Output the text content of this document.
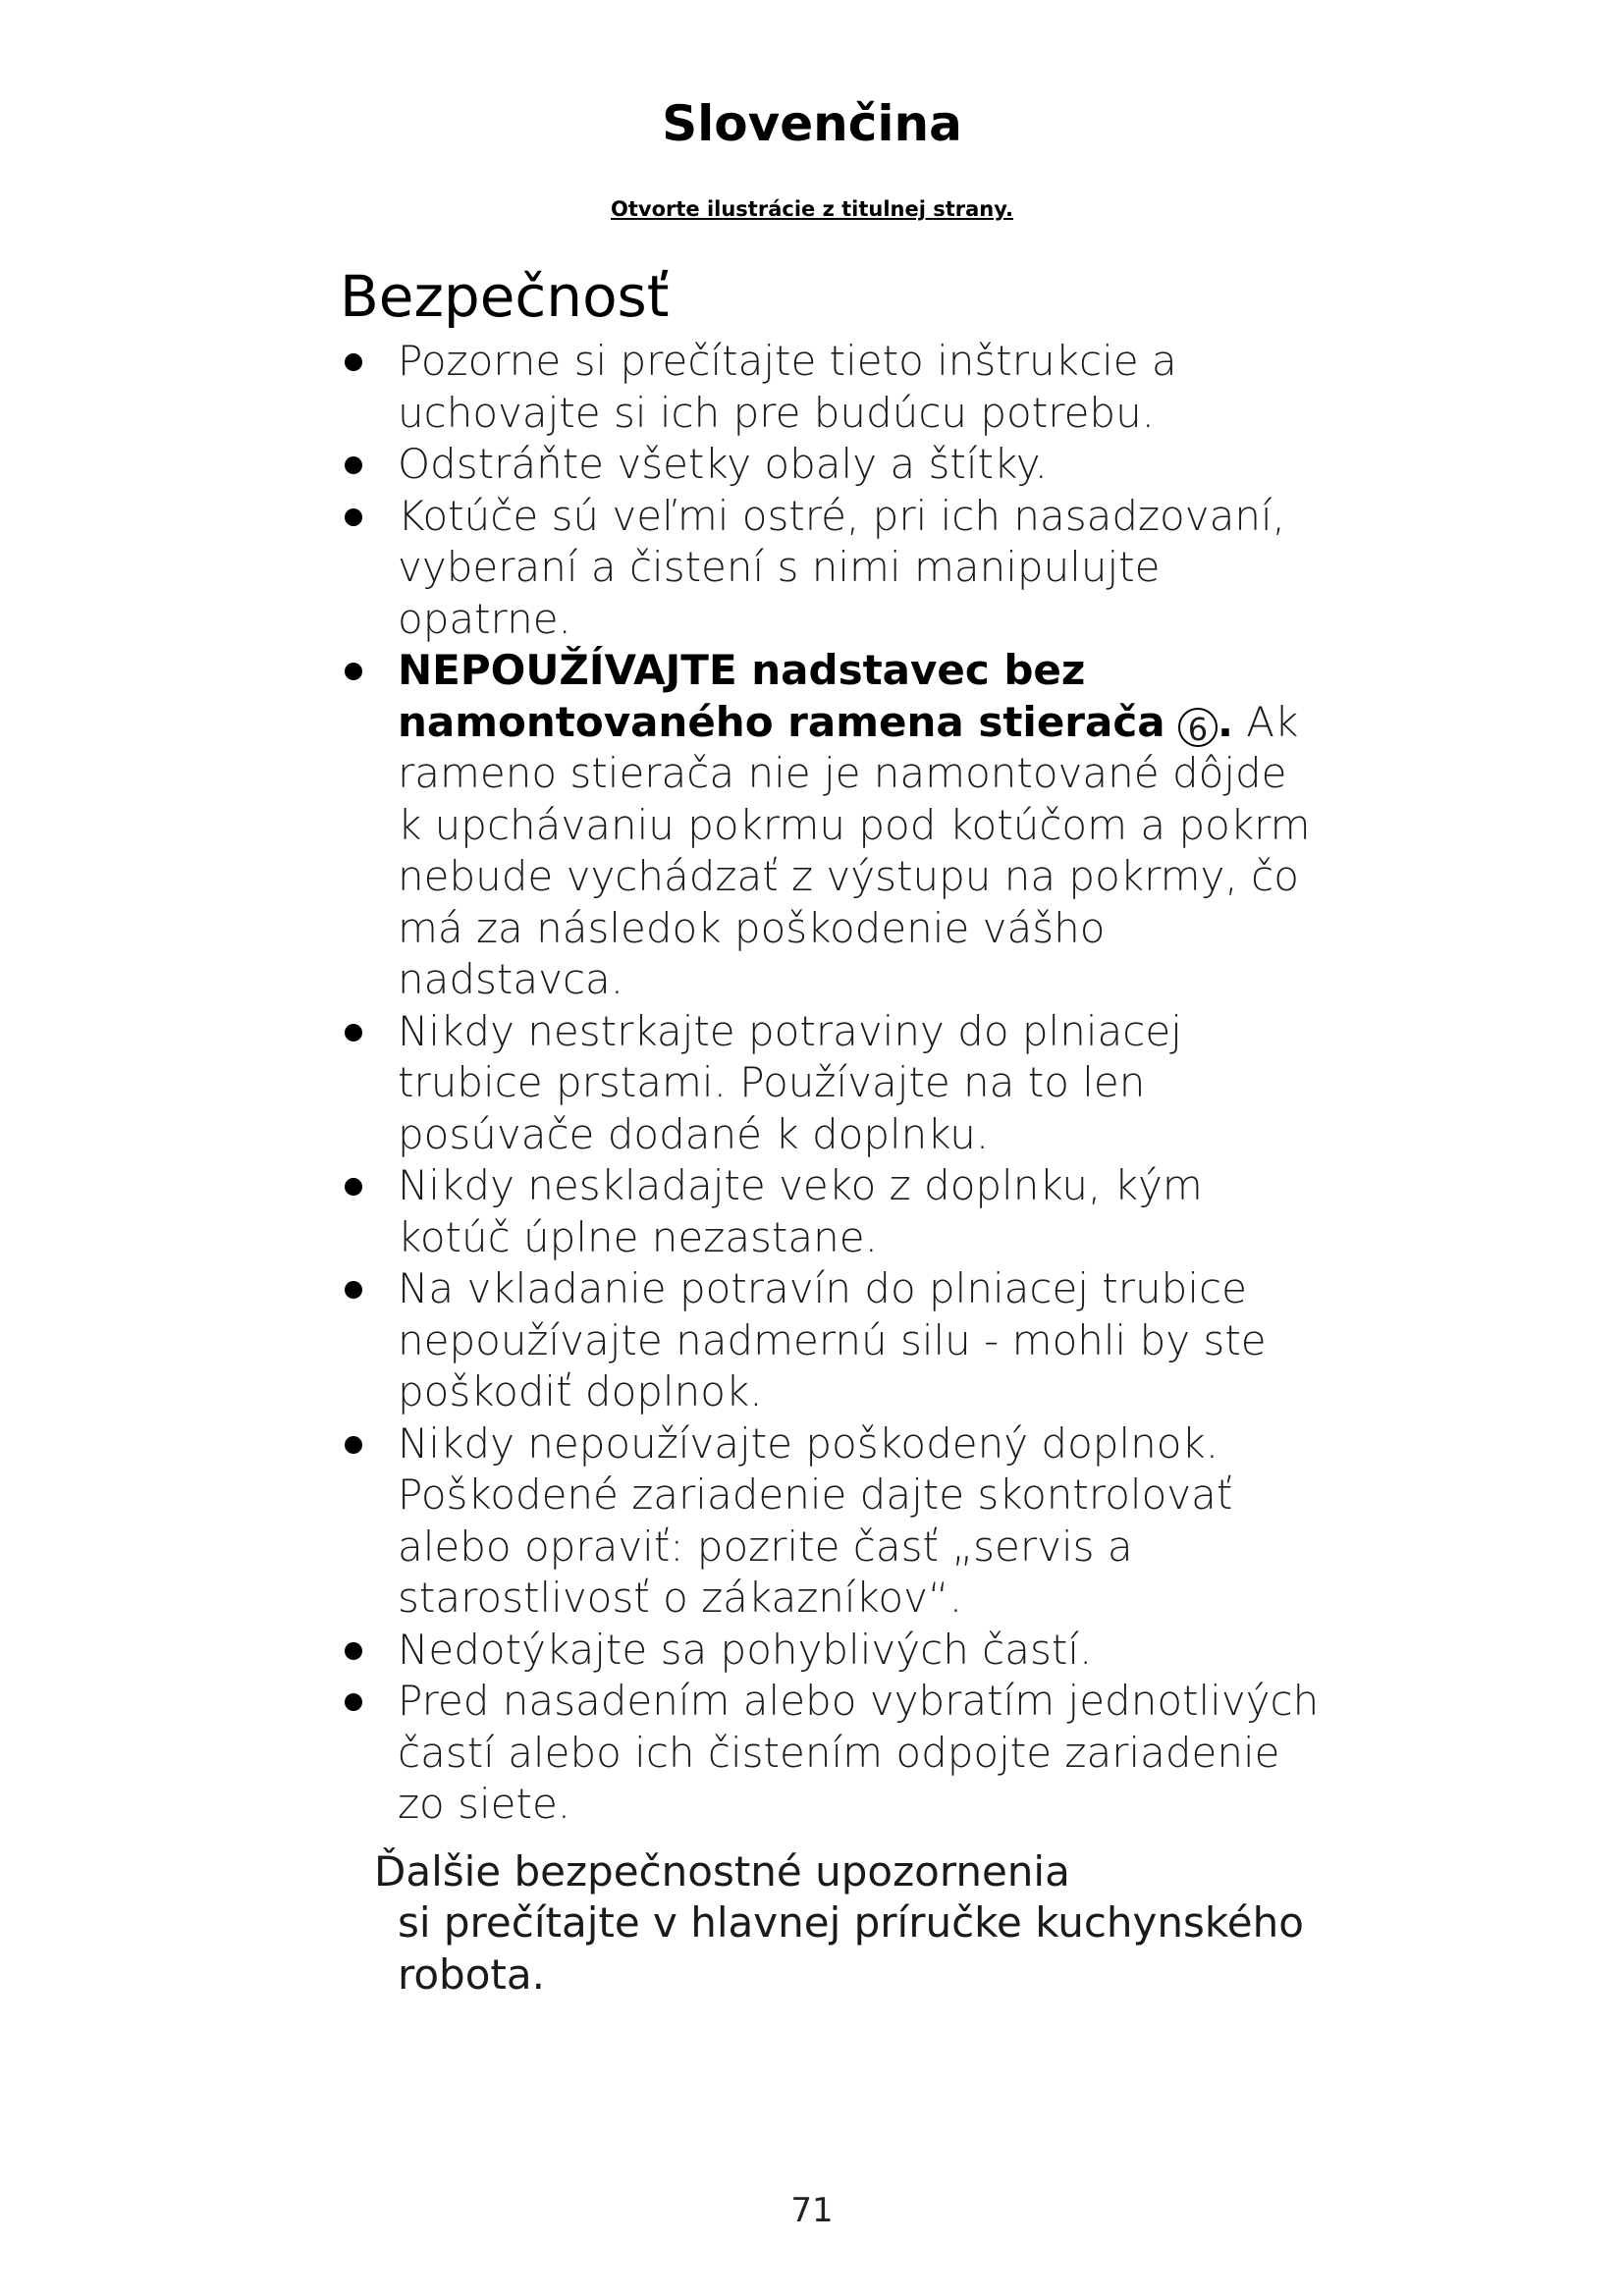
Slovenčina
Otvorte ilustrácie z titulnej strany.
Bezpečnosť
Pozorne si prečítajte tieto inštrukcie a uchovajte si ich pre budúcu potrebu.
Odstráňte všetky obaly a štítky.
Kotúče sú veľmi ostré, pri ich nasadzovaní, vyberaní a čistení s nimi manipulujte opatrne.
NEPOUŽÍVAJTE nadstavec bez namontovaného ramena stierača 6 . Ak rameno stierača nie je namontované dôjde k upchávaniu pokrmu pod kotúčom a pokrm nebude vychádzať z výstupu na pokrmy, čo má za následok poškodenie vášho nadstavca.
Nikdy nestrkajte potraviny do plniacej trubice prstami. Používajte na to len posúvače dodané k doplnku.
Nikdy neskladajte veko z doplnku, kým kotúč úplne nezastane.
Na vkladanie potravín do plniacej trubice nepoužívajte nadmernú silu - mohli by ste poškodiť doplnok.
Nikdy nepoužívajte poškodený doplnok. Poškodené zariadenie dajte skontrolovať alebo opraviť: pozrite časť „servis a starostlivosť o zákazníkov“.
Nedotýkajte sa pohyblivých častí.
Pred nasadením alebo vybratím jednotlivých častí alebo ich čistením odpojte zariadenie zo siete.
Ďalšie bezpečnostné upozornenia
si prečítajte v hlavnej príručke kuchynského robota.
71
